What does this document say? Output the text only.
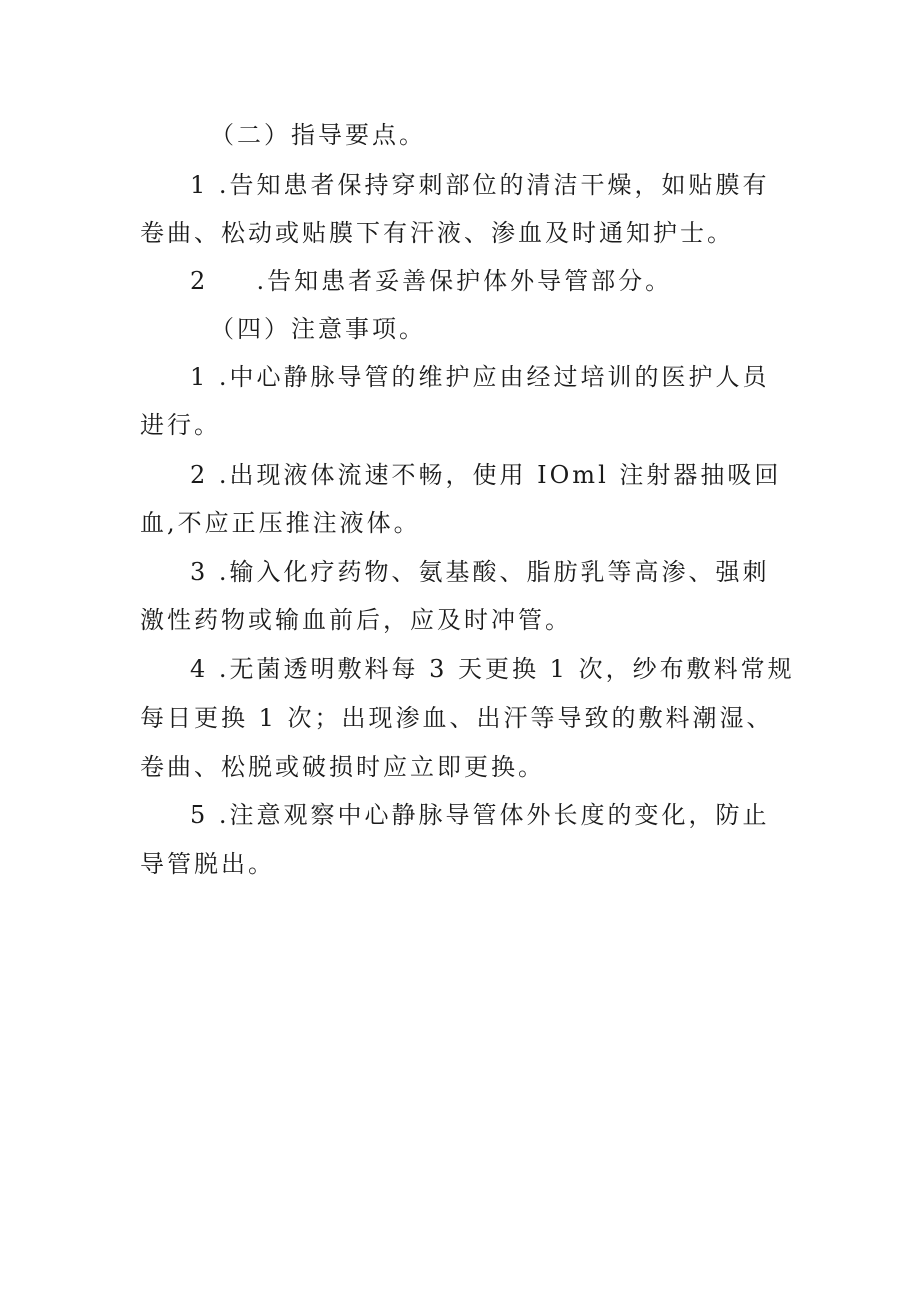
（二）指导要点。
1 .告知患者保持穿刺部位的清洁干燥，如贴膜有
卷曲、松动或贴膜下有汗液、渗血及时通知护士。
2 　 .告知患者妥善保护体外导管部分。
（四）注意事项。
1 .中心静脉导管的维护应由经过培训的医护人员
进行。
2 .出现液体流速不畅，使用 IOml 注射器抽吸回
血,不应正压推注液体。
3 .输入化疗药物、氨基酸、脂肪乳等高渗、强刺
激性药物或输血前后，应及时冲管。
4 .无菌透明敷料每 3 天更换 1 次，纱布敷料常规
每日更换 1 次；出现渗血、出汗等导致的敷料潮湿、
卷曲、松脱或破损时应立即更换。
5 .注意观察中心静脉导管体外长度的变化，防止
导管脱出。
